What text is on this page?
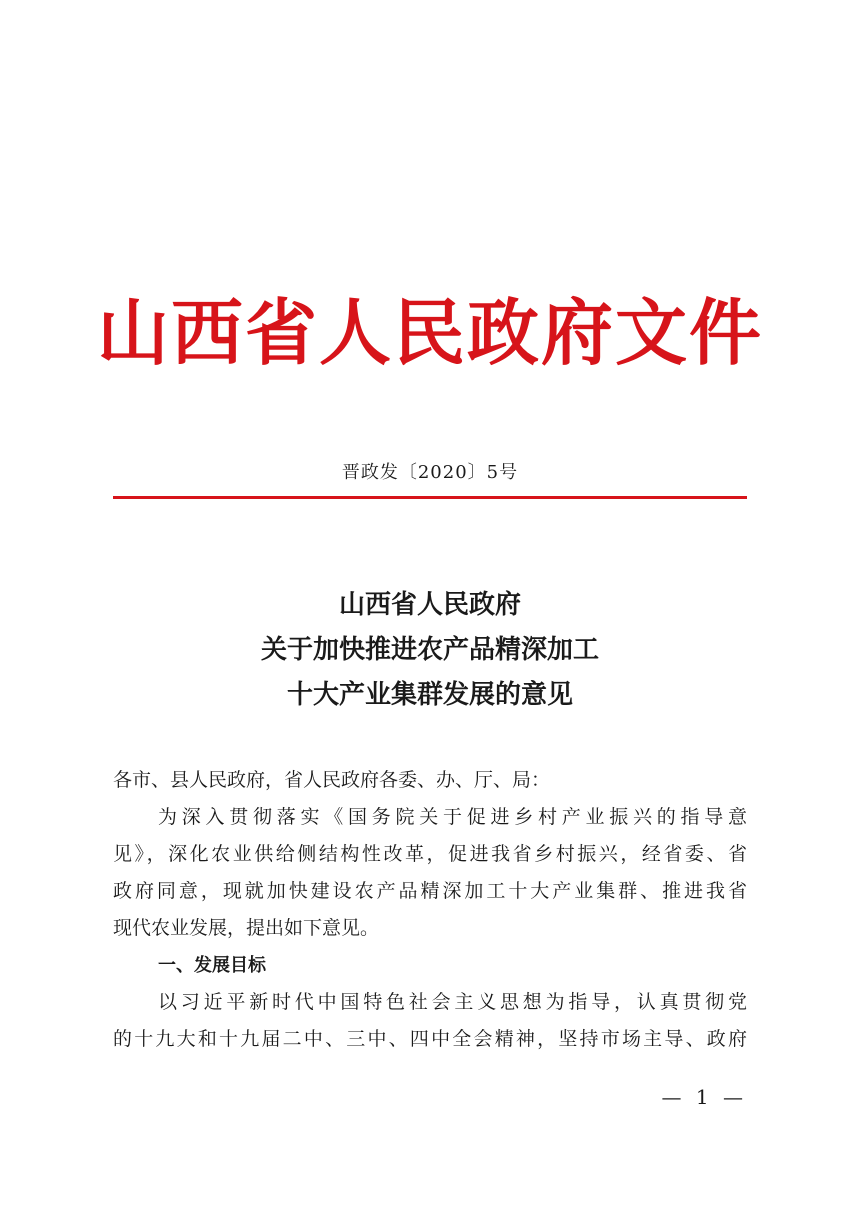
山西省人民政府文件
晋政发〔2020〕5号
山西省人民政府
关于加快推进农产品精深加工
十大产业集群发展的意见
各市、县人民政府，省人民政府各委、办、厅、局：
为深入贯彻落实《国务院关于促进乡村产业振兴的指导意
见》，深化农业供给侧结构性改革，促进我省乡村振兴，经省委、省
政府同意，现就加快建设农产品精深加工十大产业集群、推进我省
现代农业发展，提出如下意见。
一、发展目标
以习近平新时代中国特色社会主义思想为指导，认真贯彻党
的十九大和十九届二中、三中、四中全会精神，坚持市场主导、政府
— 1 —
